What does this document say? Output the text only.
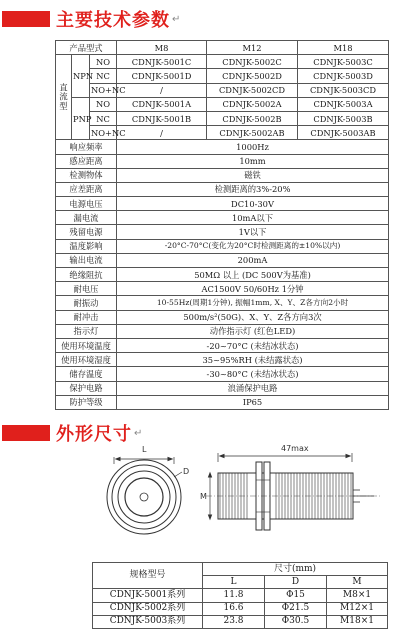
主要技术参数 ↵
产品型式			M8	M12	M18
直流型	NPN	NO	CDNJK-5001C	CDNJK-5002C	CDNJK-5003C
		NC	CDNJK-5001D	CDNJK-5002D	CDNJK-5003D
		NO+NC	/	CDNJK-5002CD	CDNJK-5003CD
	PNP	NO	CDNJK-5001A	CDNJK-5002A	CDNJK-5003A
		NC	CDNJK-5001B	CDNJK-5002B	CDNJK-5003B
		NO+NC	/	CDNJK-5002AB	CDNJK-5003AB
响应频率			1000Hz		
感应距离			10mm		
检测物体			磁铁		
应差距离			检测距离的3%-20%		
电源电压			DC10-30V		
漏电流			10mA以下		
残留电源			1V以下		
温度影响			-20°C-70°C(变化为20°C时检测距离的±10%以内)		
输出电流			200mA		
绝缘阻抗			50MΩ 以上 (DC 500V为基准)		
耐电压			AC1500V 50/60Hz 1分钟		
耐振动			10-55Hz(周期1分钟), 振幅1mm, X、Y、Z各方向2小时		
耐冲击			500m/s²(50G)、X、Y、Z各方向3次		
指示灯			动作指示灯 (红色LED)		
使用环境温度			-20~70°C (未结冰状态)		
使用环境湿度			35~95%RH (未结露状态)		
储存温度			-30~80°C (未结冰状态)		
保护电路			浪涌保护电路		
防护等级			IP65		
外形尺寸 ↵
L
D
47max
M
规格型号	尺寸(mm)		
	L	D	M
CDNJK-5001系列	11.8	Φ15	M8×1
CDNJK-5002系列	16.6	Φ21.5	M12×1
CDNJK-5003系列	23.8	Φ30.5	M18×1
